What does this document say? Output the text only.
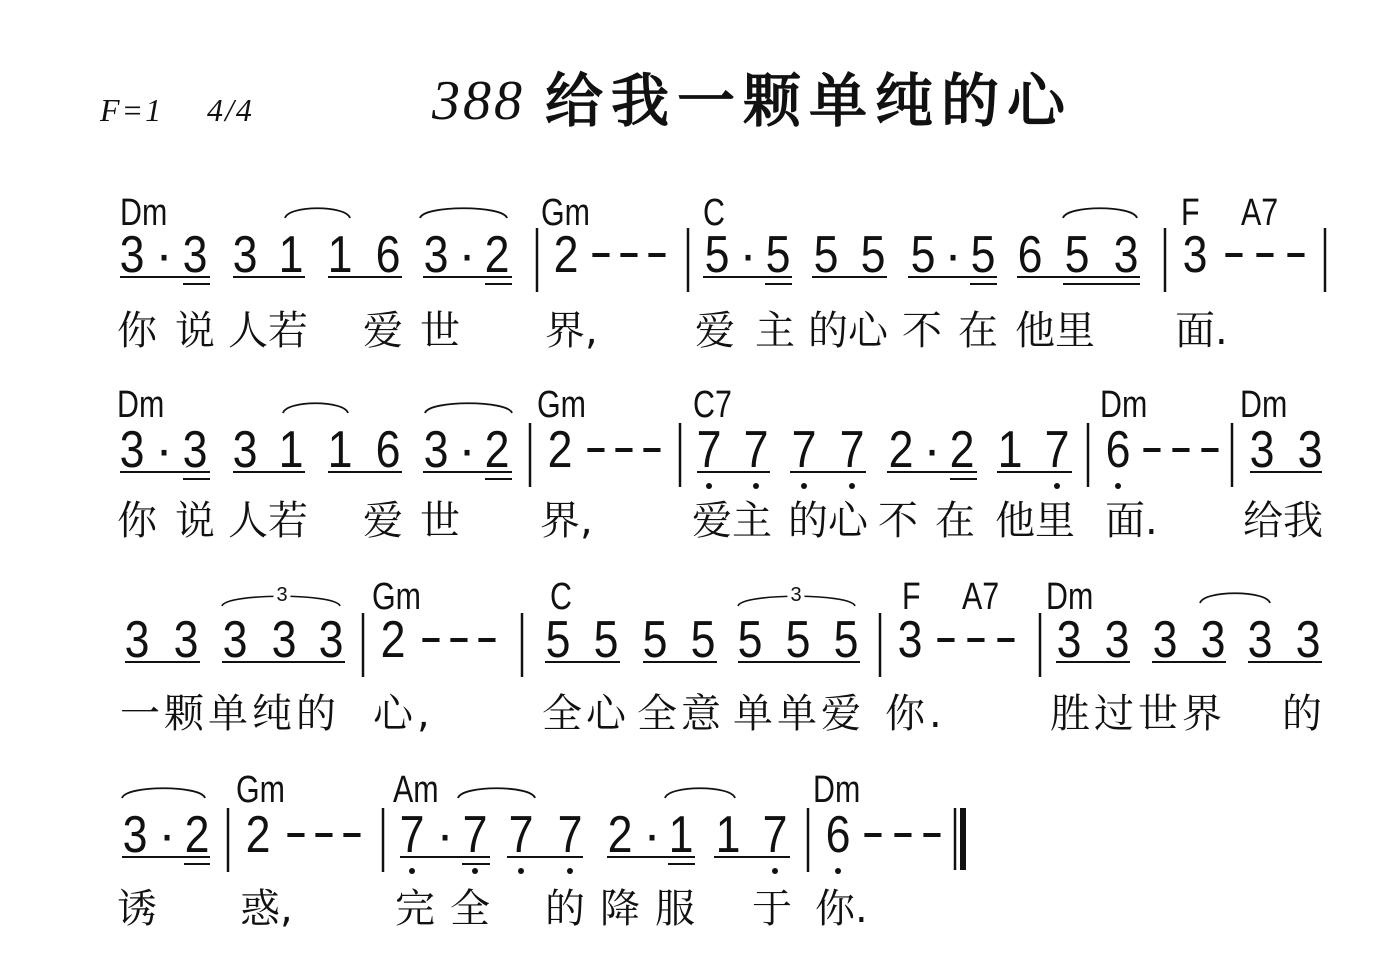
F=1 4/4	388 给我一颗单纯的心
Dm	Gm	C	F A7
3 · 3 3 1 1 6 3 · 2 2 - - - 5 · 5 5 5 5 · 5 6 5 3 3 - - -
你 说 人若 爱 世 界, 爱 主 的心 不 在 他里 面.
Dm	Gm	C7	Dm Dm
3 · 3 3 1 1 6 3 · 2 2 - - - 7 7 7 7 2 · 2 1 7 6 - - - 3 3
你 说 人若 爱 世 界, 爱主 的心 不 在 他里 面. 给我
Gm	C	F A7 Dm
3 3 3 3 3 2 - - - 5 5 5 5 5 5 5 3 - - - 3 3 3 3 3 3
一颗单纯的 心,	全心 全意 单单爱 你.	胜过世界 的
3	3
Gm	Am	Dm
3 · 2 2 - - - 7 · 7 7 7 2 · 1 1 7 6 - - -
诱 惑,	完 全 的 降 服 于 你.
